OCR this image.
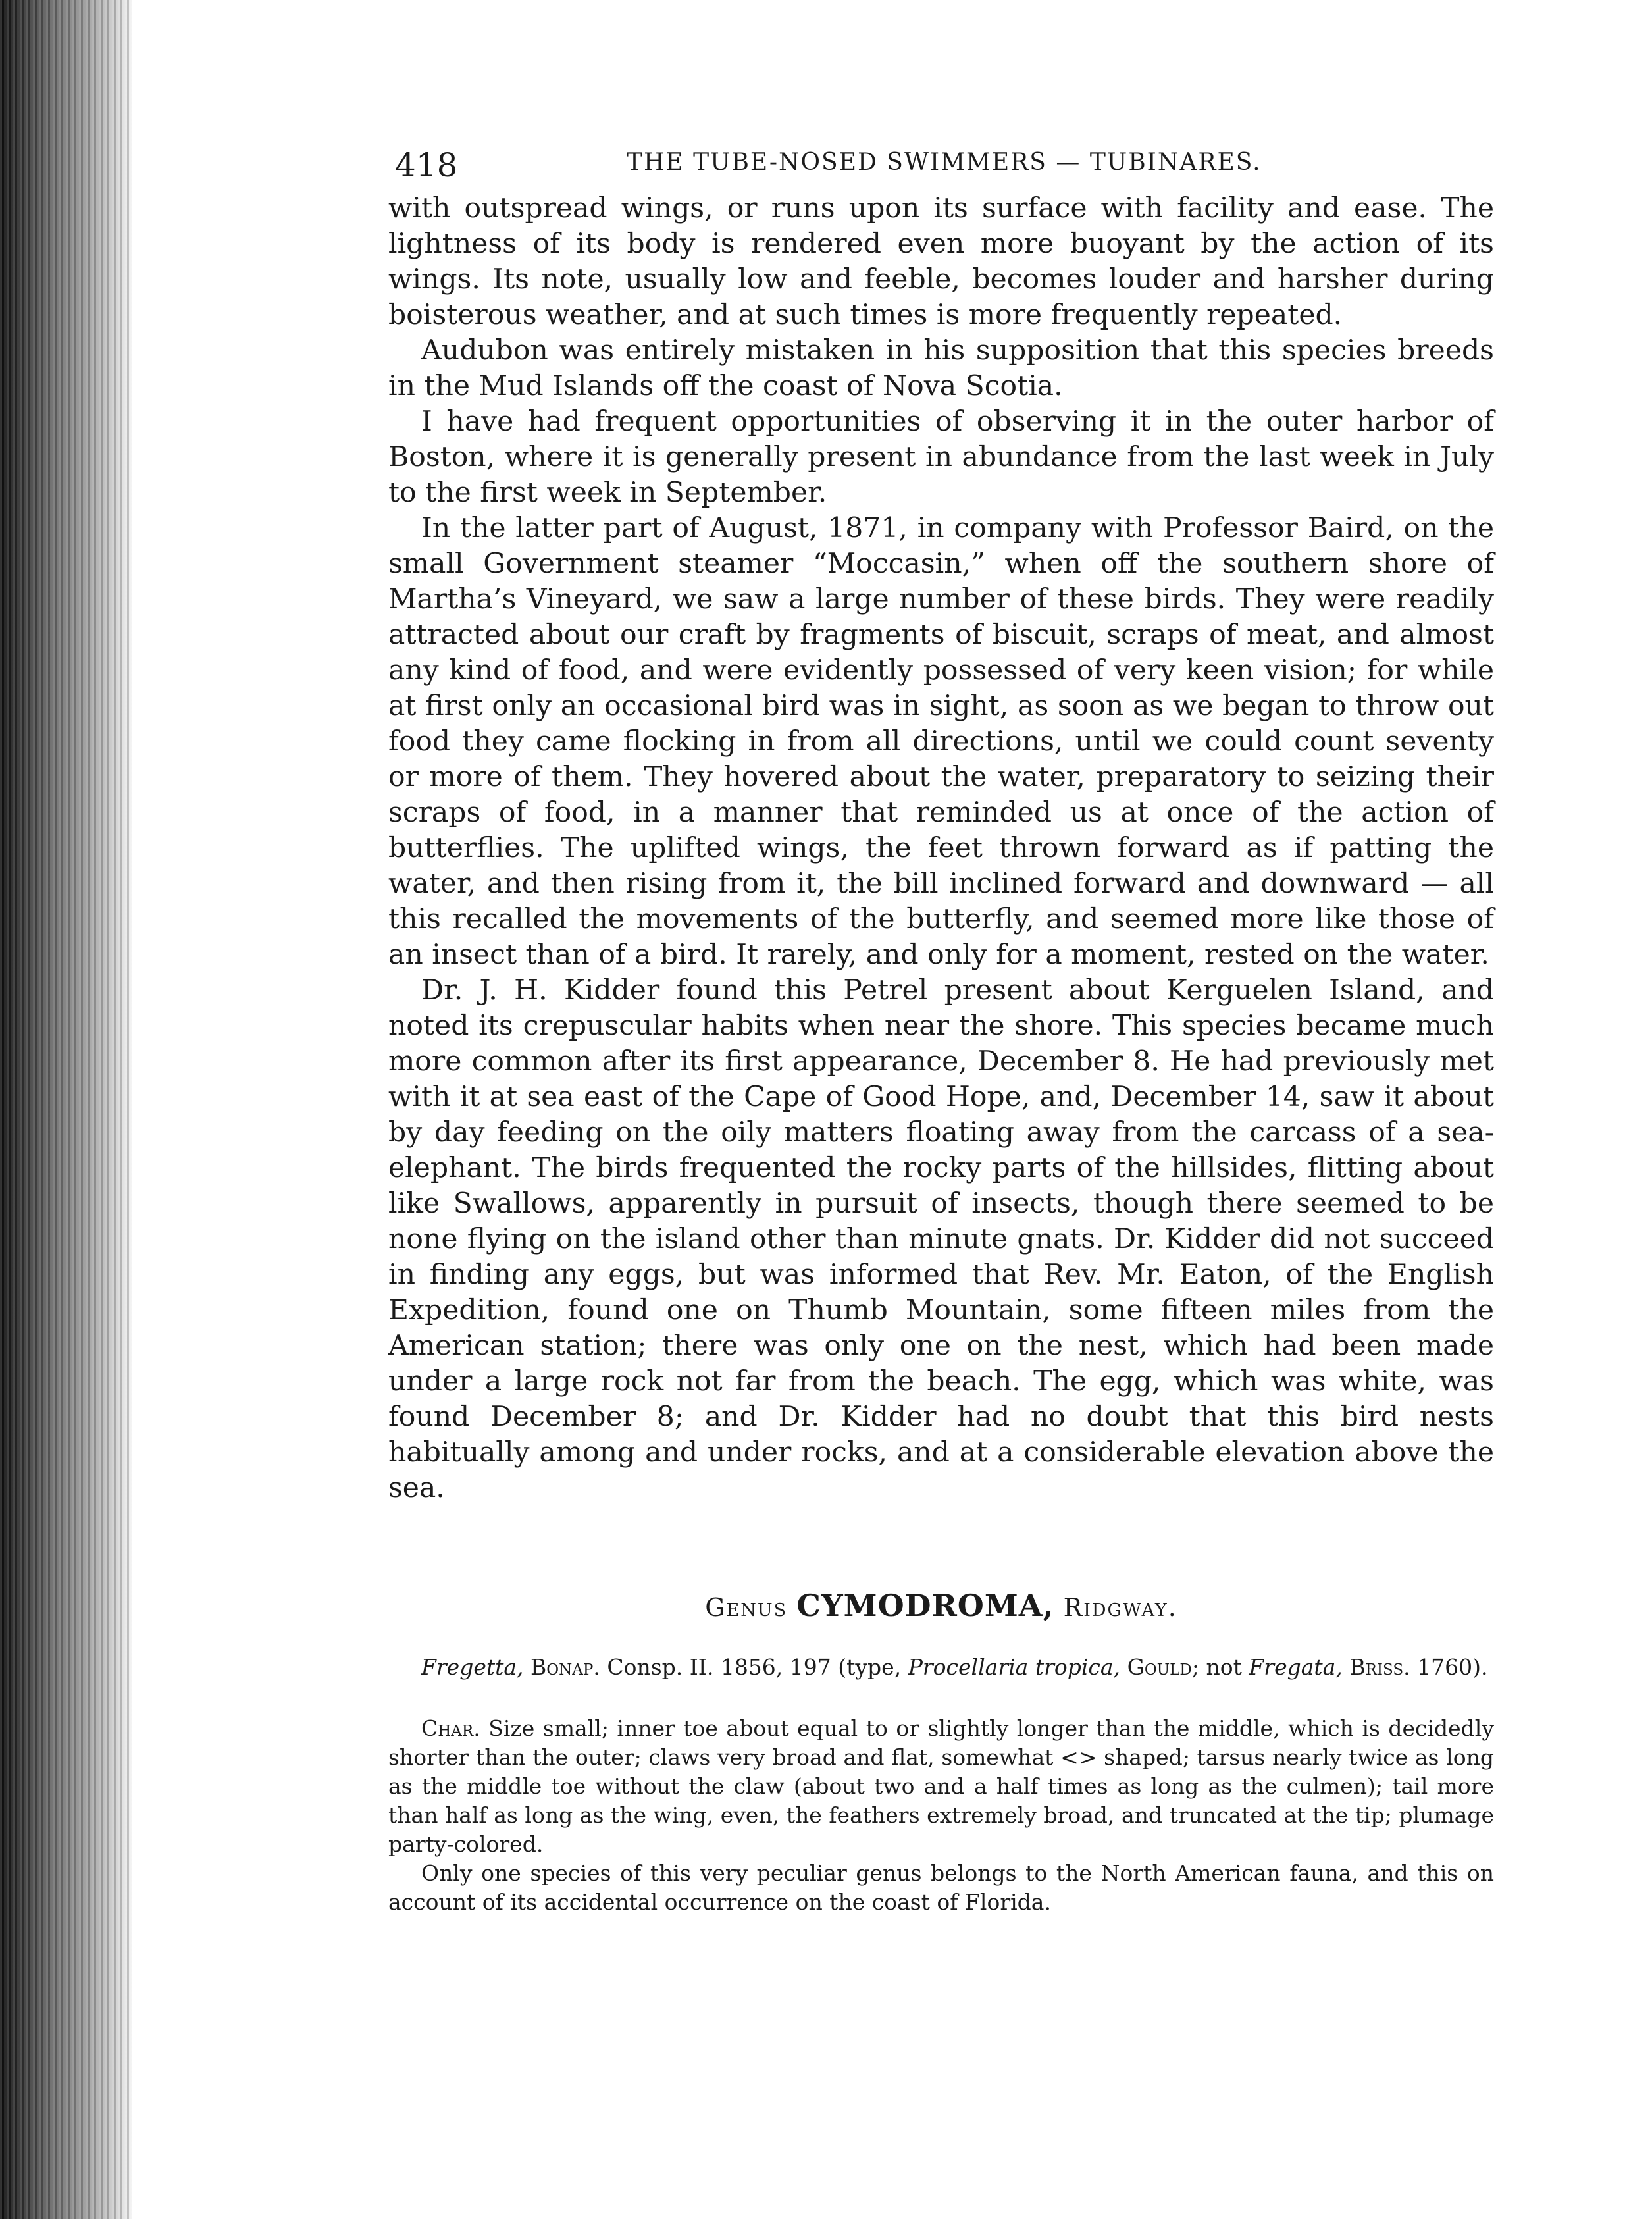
418	THE TUBE-NOSED SWIMMERS — TUBINARES.

with outspread wings, or runs upon its surface with facility and ease. The lightness of its body is rendered even more buoyant by the action of its wings. Its note, usually low and feeble, becomes louder and harsher during boisterous weather, and at such times is more frequently repeated.

Audubon was entirely mistaken in his supposition that this species breeds in the Mud Islands off the coast of Nova Scotia.

I have had frequent opportunities of observing it in the outer harbor of Boston, where it is generally present in abundance from the last week in July to the first week in September.

In the latter part of August, 1871, in company with Professor Baird, on the small Government steamer “Moccasin,” when off the southern shore of Martha’s Vineyard, we saw a large number of these birds. They were readily attracted about our craft by fragments of biscuit, scraps of meat, and almost any kind of food, and were evidently possessed of very keen vision; for while at first only an occasional bird was in sight, as soon as we began to throw out food they came flocking in from all directions, until we could count seventy or more of them. They hovered about the water, preparatory to seizing their scraps of food, in a manner that reminded us at once of the action of butterflies. The uplifted wings, the feet thrown forward as if patting the water, and then rising from it, the bill inclined forward and downward — all this recalled the movements of the butterfly, and seemed more like those of an insect than of a bird. It rarely, and only for a moment, rested on the water.

Dr. J. H. Kidder found this Petrel present about Kerguelen Island, and noted its crepuscular habits when near the shore. This species became much more common after its first appearance, December 8. He had previously met with it at sea east of the Cape of Good Hope, and, December 14, saw it about by day feeding on the oily matters floating away from the carcass of a sea-elephant. The birds frequented the rocky parts of the hillsides, flitting about like Swallows, apparently in pursuit of insects, though there seemed to be none flying on the island other than minute gnats. Dr. Kidder did not succeed in finding any eggs, but was informed that Rev. Mr. Eaton, of the English Expedition, found one on Thumb Mountain, some fifteen miles from the American station; there was only one on the nest, which had been made under a large rock not far from the beach. The egg, which was white, was found December 8; and Dr. Kidder had no doubt that this bird nests habitually among and under rocks, and at a considerable elevation above the sea.

Genus CYMODROMA, Ridgway.

Fregetta, Bonap. Consp. II. 1856, 197 (type, Procellaria tropica, Gould; not Fregata, Briss. 1760).

Char. Size small; inner toe about equal to or slightly longer than the middle, which is decidedly shorter than the outer; claws very broad and flat, somewhat <> shaped; tarsus nearly twice as long as the middle toe without the claw (about two and a half times as long as the culmen); tail more than half as long as the wing, even, the feathers extremely broad, and truncated at the tip; plumage party-colored.

Only one species of this very peculiar genus belongs to the North American fauna, and this on account of its accidental occurrence on the coast of Florida.
